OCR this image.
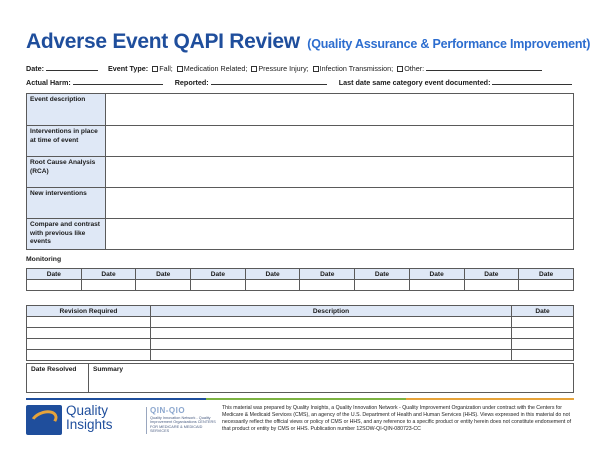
Adverse Event QAPI Review (Quality Assurance & Performance Improvement)
Date:	Event Type: Fall; Medication Related; Pressure Injury; Infection Transmission; Other:
Actual Harm:	Reported:	Last date same category event documented:
Event description	
Interventions in place at time of event	
Root Cause Analysis (RCA)	
New interventions	
Compare and contrast with previous like events	
Monitoring
Date	Date	Date	Date	Date	Date	Date	Date	Date	Date

Revision Required	Description	Date

Date Resolved	Summary
Quality
Insights
QIN-QIO
Quality Innovation Network - Quality Improvement Organizations CENTERS FOR MEDICARE & MEDICAID SERVICES
This material was prepared by Quality Insights, a Quality Innovation Network - Quality Improvement Organization under contract with the Centers for Medicare & Medicaid Services (CMS), an agency of the U.S. Department of Health and Human Services (HHS). Views expressed in this material do not necessarily reflect the official views or policy of CMS or HHS, and any reference to a specific product or entity herein does not constitute endorsement of that product or entity by CMS or HHS. Publication number 12SOW-QI-QIN-080723-CC
